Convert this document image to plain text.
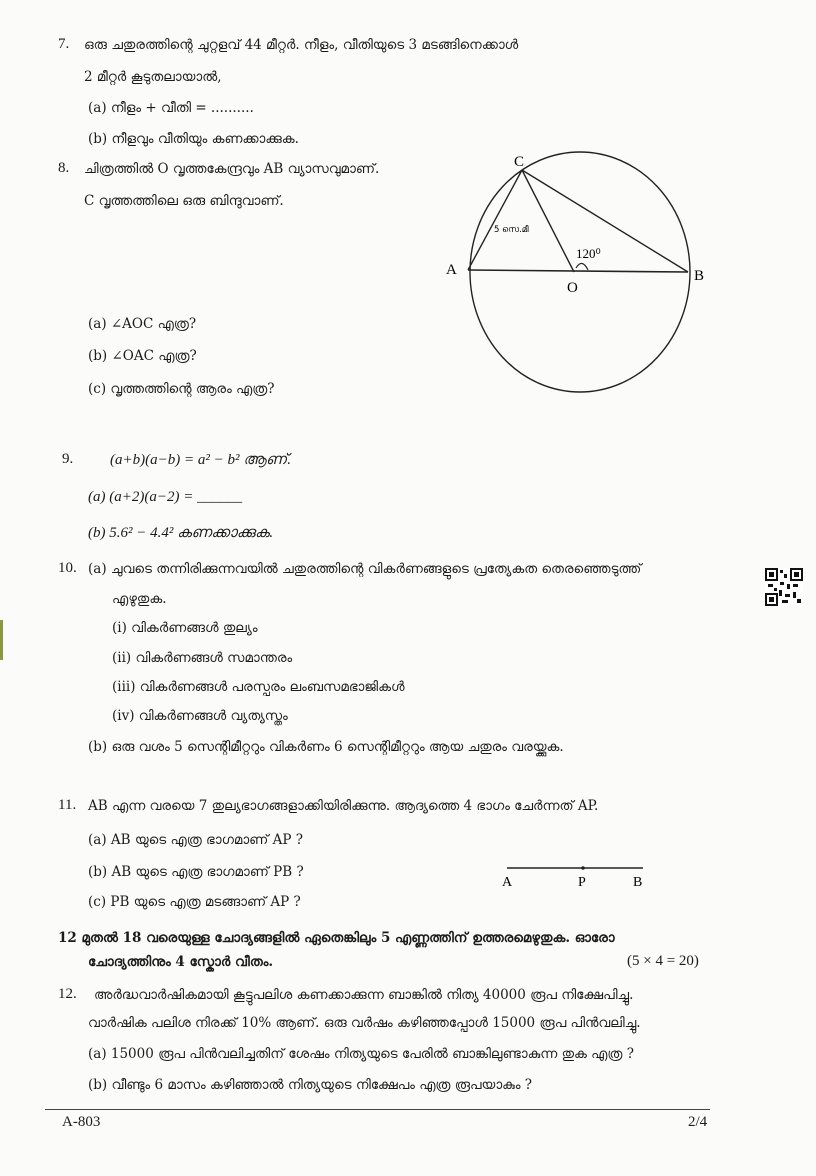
7. ഒരു ചതുരത്തിന്റെ ചുറ്റളവ് 44 മീറ്റർ. നീളം, വീതിയുടെ 3 മടങ്ങിനെക്കാൾ
2 മീറ്റർ കൂടുതലായാൽ,
(a) നീളം + വീതി = ..........
(b) നീളവും വീതിയും കണക്കാക്കുക.
8. ചിത്രത്തിൽ O വൃത്തകേന്ദ്രവും AB വ്യാസവുമാണ്.
C വൃത്തത്തിലെ ഒരു ബിന്ദുവാണ്.
(a) ∠AOC എത്ര?
(b) ∠OAC എത്ര?
(c) വൃത്തത്തിന്റെ ആരം എത്ര?
C
A	B
O
5 സെ.മീ
120⁰
9. (a+b)(a−b) = a² − b² ആണ്.
(a) (a+2)(a−2) = ______
(b) 5.6² − 4.4² കണക്കാക്കുക.
10. (a) ചുവടെ തന്നിരിക്കുന്നവയിൽ ചതുരത്തിന്റെ വികർണങ്ങളുടെ പ്രത്യേകത തെരഞ്ഞെടുത്ത്
എഴുതുക.
(i) വികർണങ്ങൾ തുല്യം
(ii) വികർണങ്ങൾ സമാന്തരം
(iii) വികർണങ്ങൾ പരസ്പരം ലംബസമഭാജികൾ
(iv) വികർണങ്ങൾ വ്യത്യസ്തം
(b) ഒരു വശം 5 സെന്റിമീറ്ററും വികർണം 6 സെന്റിമീറ്ററും ആയ ചതുരം വരയ്ക്കുക.
11. AB എന്ന വരയെ 7 തുല്യഭാഗങ്ങളാക്കിയിരിക്കുന്നു. ആദ്യത്തെ 4 ഭാഗം ചേർന്നത് AP.
(a) AB യുടെ എത്ര ഭാഗമാണ് AP ?
(b) AB യുടെ എത്ര ഭാഗമാണ് PB ?
(c) PB യുടെ എത്ര മടങ്ങാണ് AP ?
A	P	B
12 മുതൽ 18 വരെയുള്ള ചോദ്യങ്ങളിൽ ഏതെങ്കിലും 5 എണ്ണത്തിന് ഉത്തരമെഴുതുക. ഓരോ
ചോദ്യത്തിനും 4 സ്കോർ വീതം.	(5 × 4 = 20)
12. അർദ്ധവാർഷികമായി കൂട്ടുപലിശ കണക്കാക്കുന്ന ബാങ്കിൽ നിത്യ 40000 രൂപ നിക്ഷേപിച്ചു.
വാർഷിക പലിശ നിരക്ക് 10% ആണ്. ഒരു വർഷം കഴിഞ്ഞപ്പോൾ 15000 രൂപ പിൻവലിച്ചു.
(a) 15000 രൂപ പിൻവലിച്ചതിന് ശേഷം നിത്യയുടെ പേരിൽ ബാങ്കിലുണ്ടാകുന്ന തുക എത്ര ?
(b) വീണ്ടും 6 മാസം കഴിഞ്ഞാൽ നിത്യയുടെ നിക്ഷേപം എത്ര രൂപയാകും ?
A-803	2/4
